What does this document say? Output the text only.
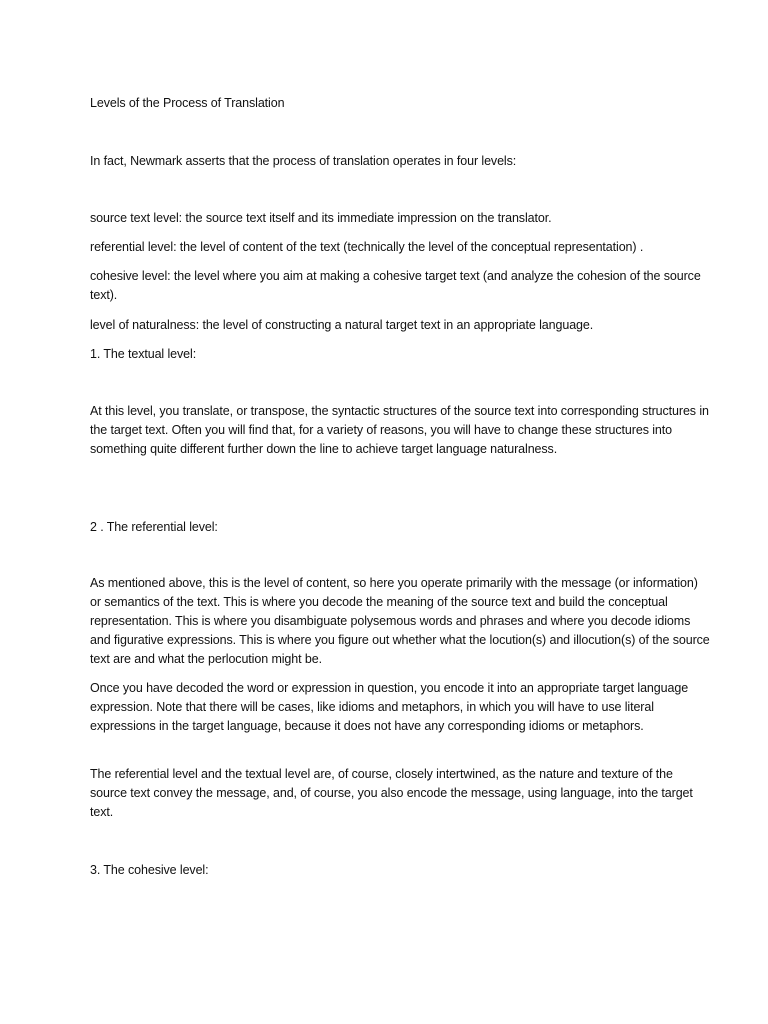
Levels of the Process of Translation

In fact, Newmark asserts that the process of translation operates in four levels:

source text level: the source text itself and its immediate impression on the translator.

referential level: the level of content of the text (technically the level of the conceptual representation) .

cohesive level: the level where you aim at making a cohesive target text (and analyze the cohesion of the source text).

level of naturalness: the level of constructing a natural target text in an appropriate language.

1. The textual level:

At this level, you translate, or transpose, the syntactic structures of the source text into corresponding structures in the target text. Often you will find that, for a variety of reasons, you will have to change these structures into something quite different further down the line to achieve target language naturalness.

2 . The referential level:

As mentioned above, this is the level of content, so here you operate primarily with the message (or information) or semantics of the text. This is where you decode the meaning of the source text and build the conceptual representation. This is where you disambiguate polysemous words and phrases and where you decode idioms and figurative expressions. This is where you figure out whether what the locution(s) and illocution(s) of the source text are and what the perlocution might be.

Once you have decoded the word or expression in question, you encode it into an appropriate target language expression. Note that there will be cases, like idioms and metaphors, in which you will have to use literal expressions in the target language, because it does not have any corresponding idioms or metaphors.

The referential level and the textual level are, of course, closely intertwined, as the nature and texture of the source text convey the message, and, of course, you also encode the message, using language, into the target text.

3. The cohesive level:
